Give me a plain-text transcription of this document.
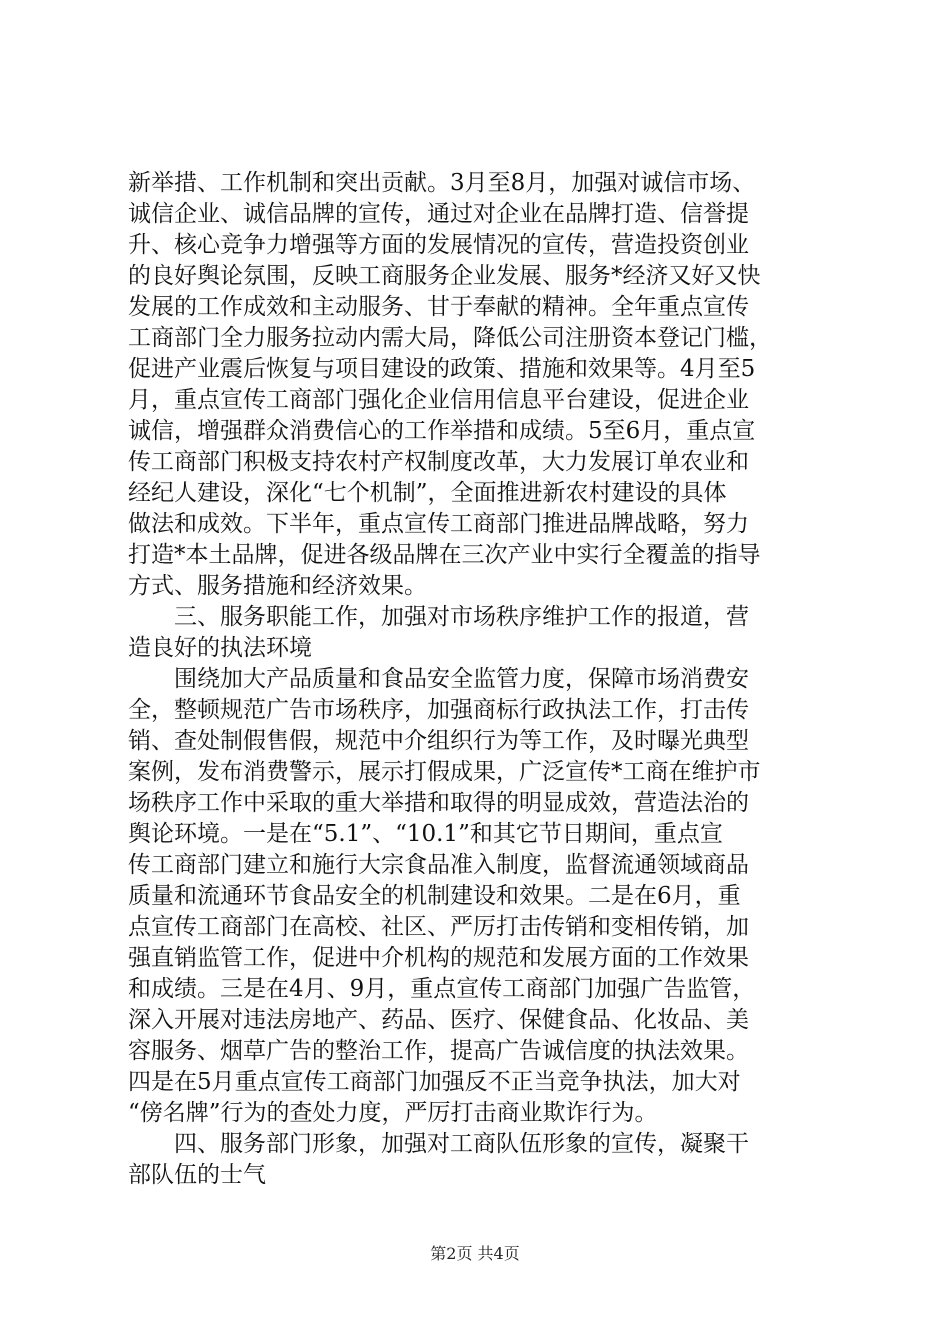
新举措、工作机制和突出贡献。3月至8月，加强对诚信市场、
诚信企业、诚信品牌的宣传，通过对企业在品牌打造、信誉提
升、核心竞争力增强等方面的发展情况的宣传，营造投资创业
的良好舆论氛围，反映工商服务企业发展、服务*经济又好又快
发展的工作成效和主动服务、甘于奉献的精神。全年重点宣传
工商部门全力服务拉动内需大局，降低公司注册资本登记门槛，
促进产业震后恢复与项目建设的政策、措施和效果等。4月至5
月，重点宣传工商部门强化企业信用信息平台建设，促进企业
诚信，增强群众消费信心的工作举措和成绩。5至6月，重点宣
传工商部门积极支持农村产权制度改革，大力发展订单农业和
经纪人建设，深化“七个机制”，全面推进新农村建设的具体
做法和成效。下半年，重点宣传工商部门推进品牌战略，努力
打造*本土品牌，促进各级品牌在三次产业中实行全覆盖的指导
方式、服务措施和经济效果。
　　三、服务职能工作，加强对市场秩序维护工作的报道，营
造良好的执法环境
　　围绕加大产品质量和食品安全监管力度，保障市场消费安
全，整顿规范广告市场秩序，加强商标行政执法工作，打击传
销、查处制假售假，规范中介组织行为等工作，及时曝光典型
案例，发布消费警示，展示打假成果，广泛宣传*工商在维护市
场秩序工作中采取的重大举措和取得的明显成效，营造法治的
舆论环境。一是在“5.1”、“10.1”和其它节日期间，重点宣
传工商部门建立和施行大宗食品准入制度，监督流通领域商品
质量和流通环节食品安全的机制建设和效果。二是在6月，重
点宣传工商部门在高校、社区、严厉打击传销和变相传销，加
强直销监管工作，促进中介机构的规范和发展方面的工作效果
和成绩。三是在4月、9月，重点宣传工商部门加强广告监管，
深入开展对违法房地产、药品、医疗、保健食品、化妆品、美
容服务、烟草广告的整治工作，提高广告诚信度的执法效果。
四是在5月重点宣传工商部门加强反不正当竞争执法，加大对
“傍名牌”行为的查处力度，严厉打击商业欺诈行为。
　　四、服务部门形象，加强对工商队伍形象的宣传，凝聚干
部队伍的士气
第2页 共4页
